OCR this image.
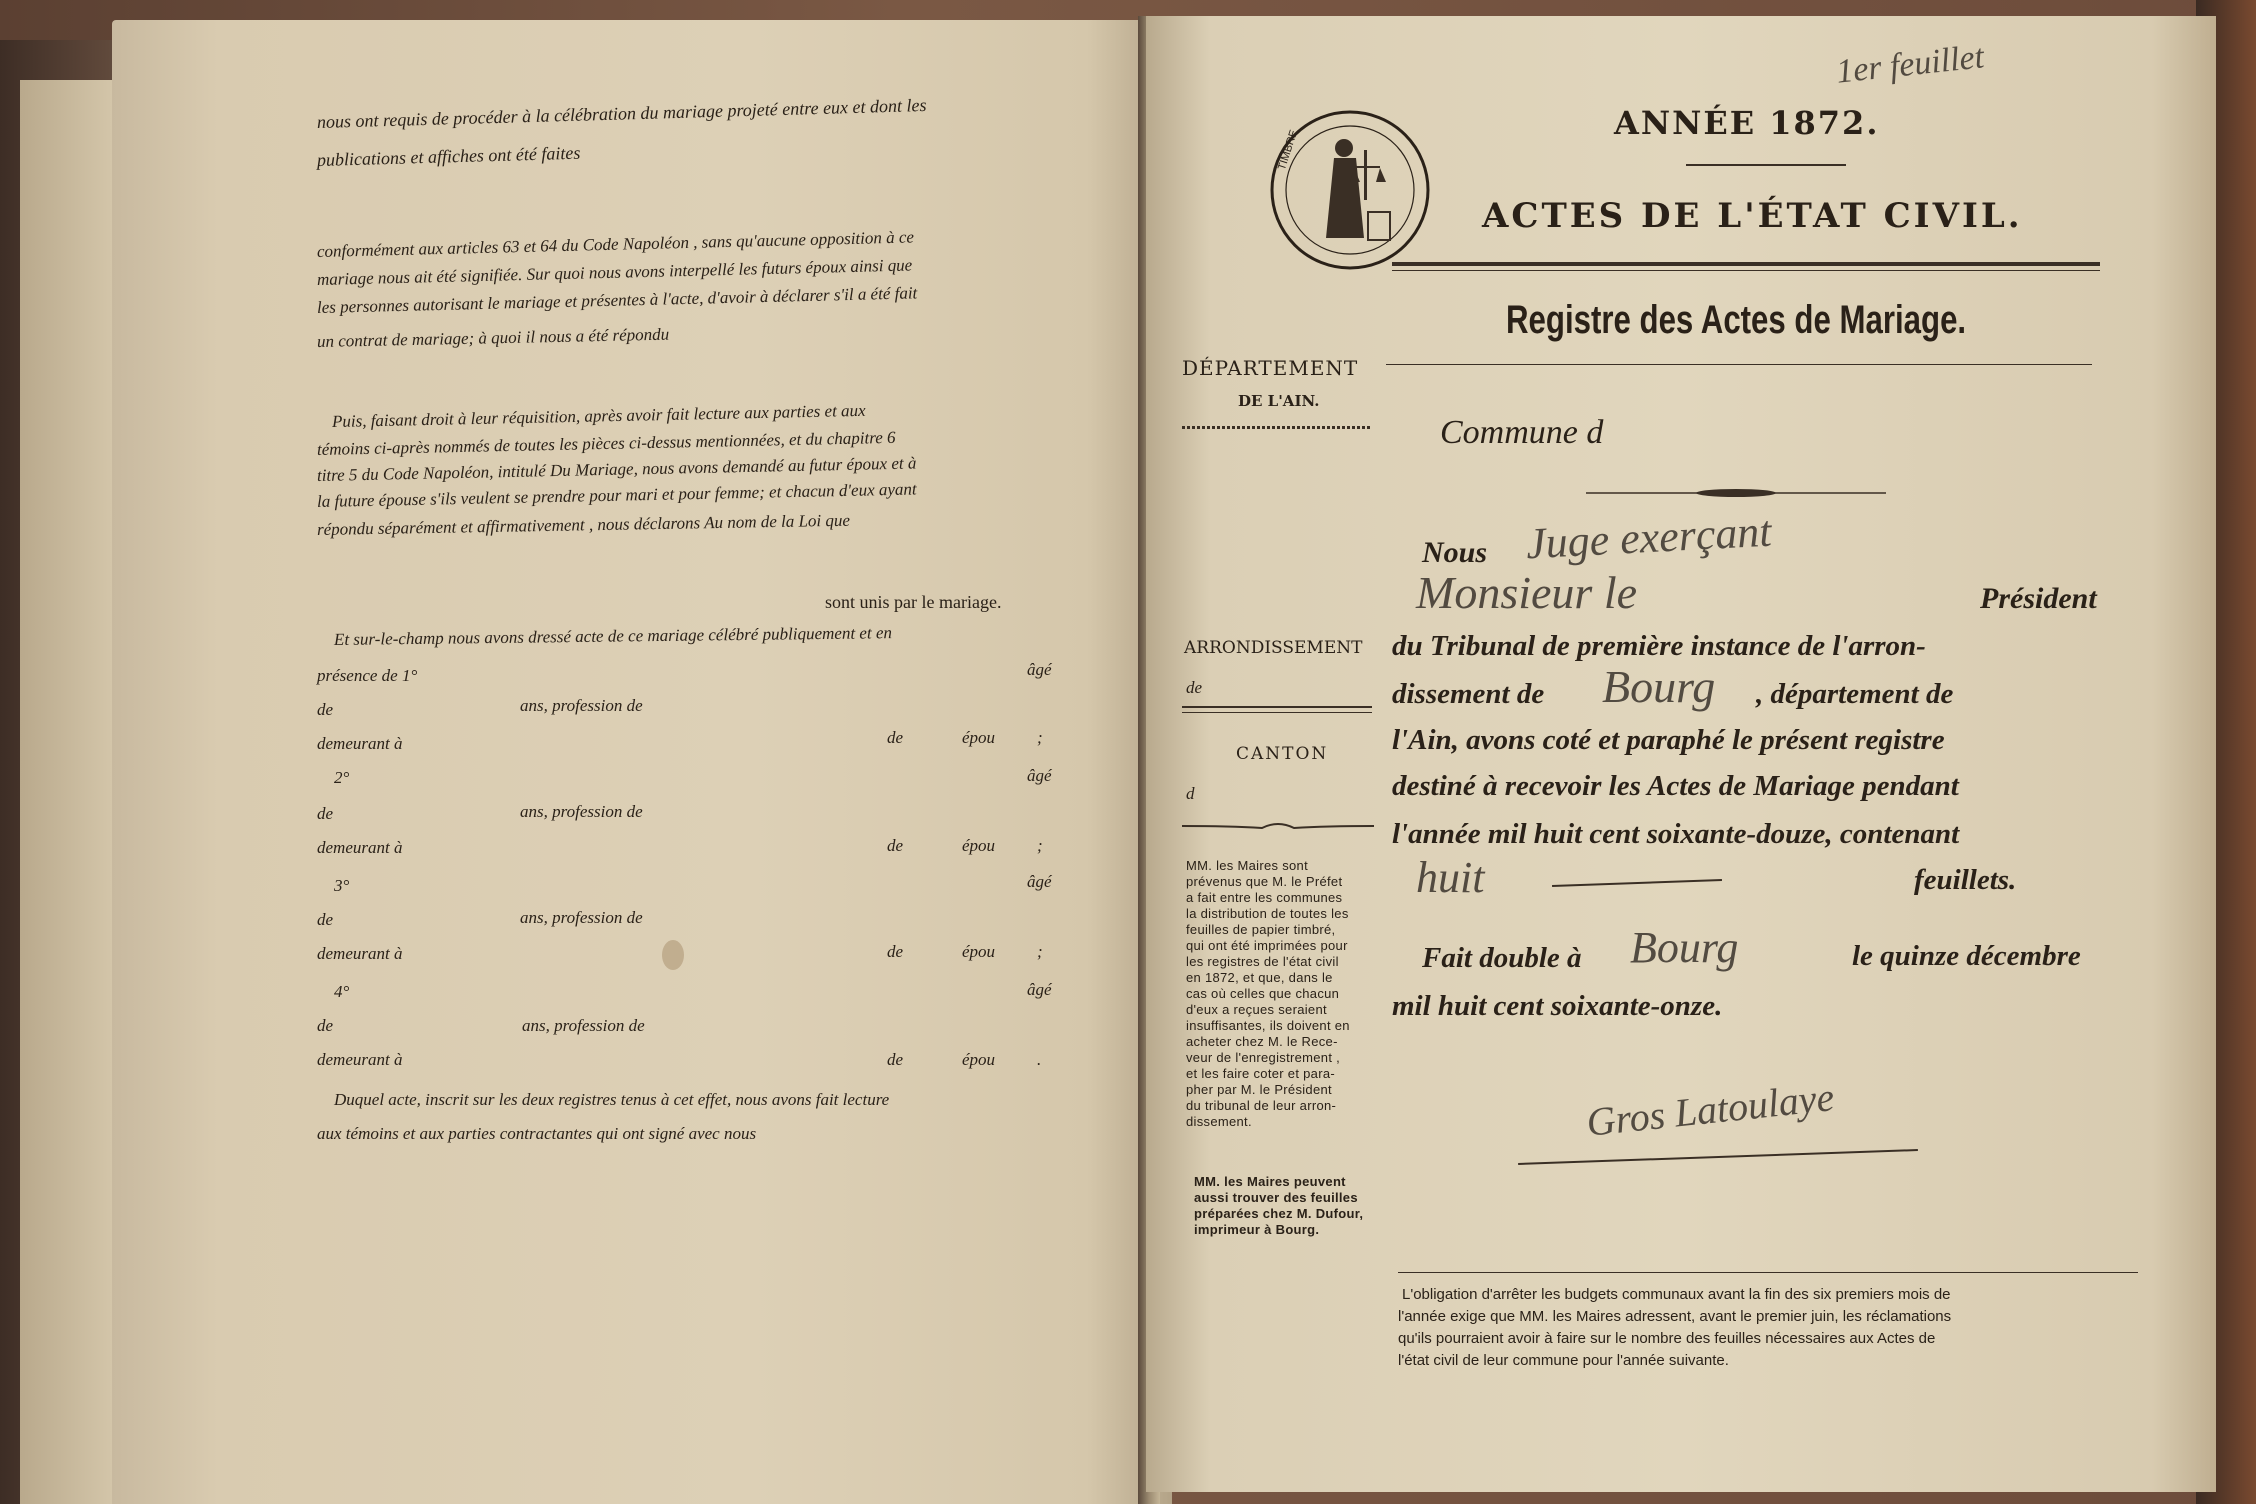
nous ont requis de procéder à la célébration du mariage projeté entre eux et dont les
publications et affiches ont été faites
conformément aux articles 63 et 64 du Code Napoléon , sans qu'aucune opposition à ce
mariage nous ait été signifiée. Sur quoi nous avons interpellé les futurs époux ainsi que
les personnes autorisant le mariage et présentes à l'acte, d'avoir à déclarer s'il a été fait
un contrat de mariage; à quoi il nous a été répondu
Puis, faisant droit à leur réquisition, après avoir fait lecture aux parties et aux
témoins ci-après nommés de toutes les pièces ci-dessus mentionnées, et du chapitre 6
titre 5 du Code Napoléon, intitulé Du Mariage, nous avons demandé au futur époux et à
la future épouse s'ils veulent se prendre pour mari et pour femme; et chacun d'eux ayant
répondu séparément et affirmativement , nous déclarons Au nom de la Loi que
sont unis par le mariage.
Et sur-le-champ nous avons dressé acte de ce mariage célébré publiquement et en
présence de 1°	âgé
de	ans, profession de
demeurant à	de	épou ;
2°	âgé
de	ans, profession de
demeurant à	de	épou ;
3°	âgé
de	ans, profession de
demeurant à	de	épou ;
4°	âgé
de	ans, profession de
demeurant à	de	épou .
Duquel acte, inscrit sur les deux registres tenus à cet effet, nous avons fait lecture
aux témoins et aux parties contractantes qui ont signé avec nous
1er feuillet
TIMBRE
ANNÉE 1872.
ACTES DE L'ÉTAT CIVIL.
Registre des Actes de Mariage.
DÉPARTEMENT
DE L'AIN.
ARRONDISSEMENT
de
CANTON
d
MM. les Maires sont
prévenus que M. le Préfet
a fait entre les communes
la distribution de toutes les
feuilles de papier timbré,
qui ont été imprimées pour
les registres de l'état civil
en 1872, et que, dans le
cas où celles que chacun
d'eux a reçues seraient
insuffisantes, ils doivent en
acheter chez M. le Rece-
veur de l'enregistrement ,
et les faire coter et para-
pher par M. le Président
du tribunal de leur arron-
dissement.
MM. les Maires peuvent
aussi trouver des feuilles
préparées chez M. Dufour,
imprimeur à Bourg.
Commune d
Nous Juge exerçant
Monsieur le	Président
du Tribunal de première instance de l'arron-
dissement de Bourg , département de
l'Ain, avons coté et paraphé le présent registre
destiné à recevoir les Actes de Mariage pendant
l'année mil huit cent soixante-douze, contenant
huit	feuillets.
Fait double à Bourg	le quinze décembre
mil huit cent soixante-onze.
Gros Latoulaye
L'obligation d'arrêter les budgets communaux avant la fin des six premiers mois de
l'année exige que MM. les Maires adressent, avant le premier juin, les réclamations
qu'ils pourraient avoir à faire sur le nombre des feuilles nécessaires aux Actes de
l'état civil de leur commune pour l'année suivante.
